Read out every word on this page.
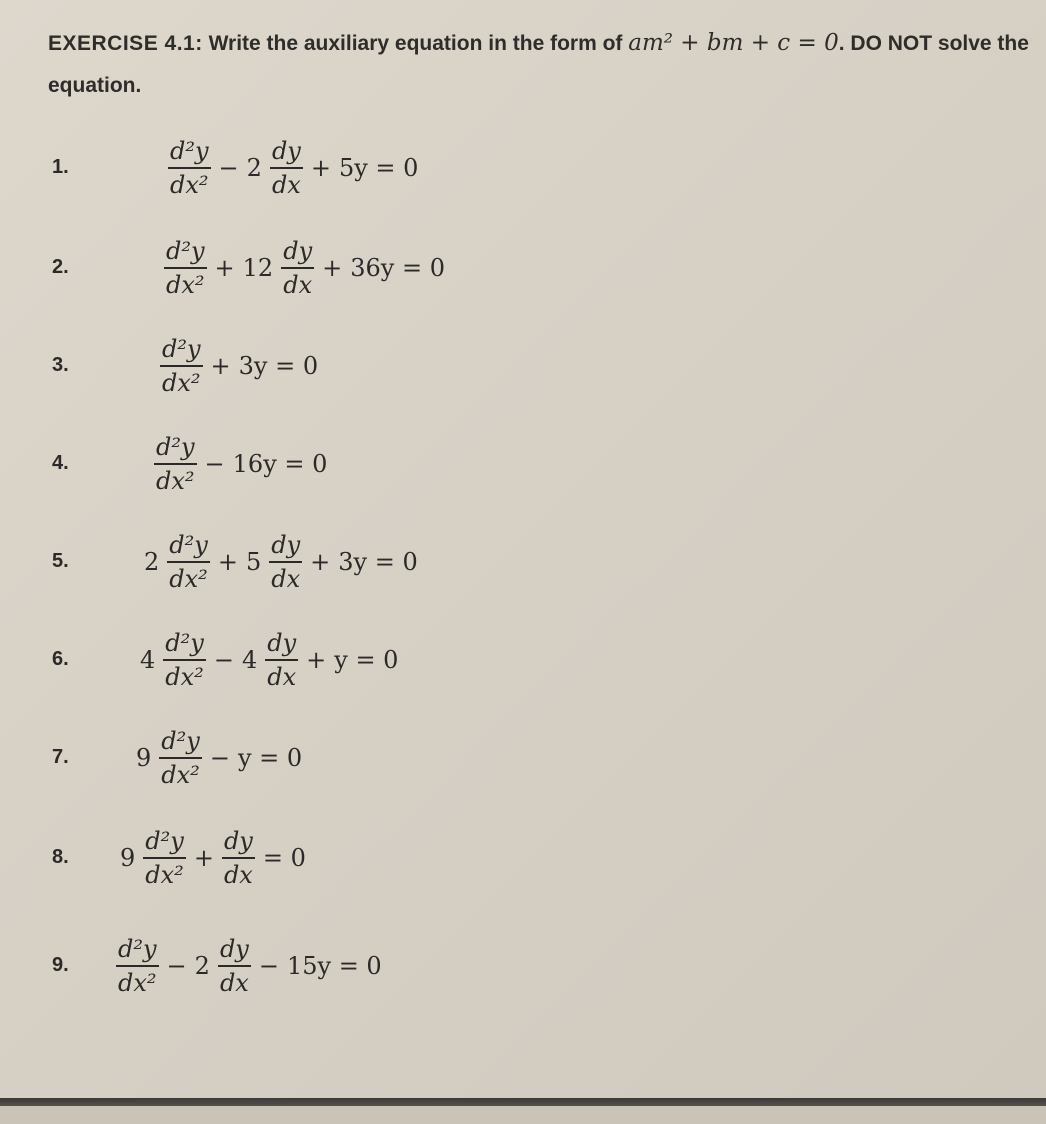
EXERCISE 4.1: Write the auxiliary equation in the form of am² + bm + c = 0. DO NOT solve the equation.
1.	$\frac{\text{d²y}}{\text{dx²}} - 2 \frac{dy}{dx} + 5y = 0$
2.	$\frac{\text{d²y}}{\text{dx²}} + 12 \frac{dy}{dx} + 36y = 0$
3.	$\frac{\text{d²y}}{\text{dx²}} + 3y = 0$
4.	$\frac{\text{d²y}}{\text{dx²}} - 16y = 0$
5.	$2 \frac{\text{d²y}}{\text{dx²}} + 5 \frac{dy}{dx} + 3y = 0$
6.	$4 \frac{\text{d²y}}{\text{dx²}} - 4 \frac{dy}{dx} + y = 0$
7.	$9 \frac{\text{d²y}}{\text{dx²}} - y = 0$
8. $9 \frac{\text{d²y}}{\text{dx²}} + \frac{dy}{dx} = 0$
9. $\frac{\text{d²y}}{\text{dx²}} - 2 \frac{dy}{dx} - 15y = 0$
